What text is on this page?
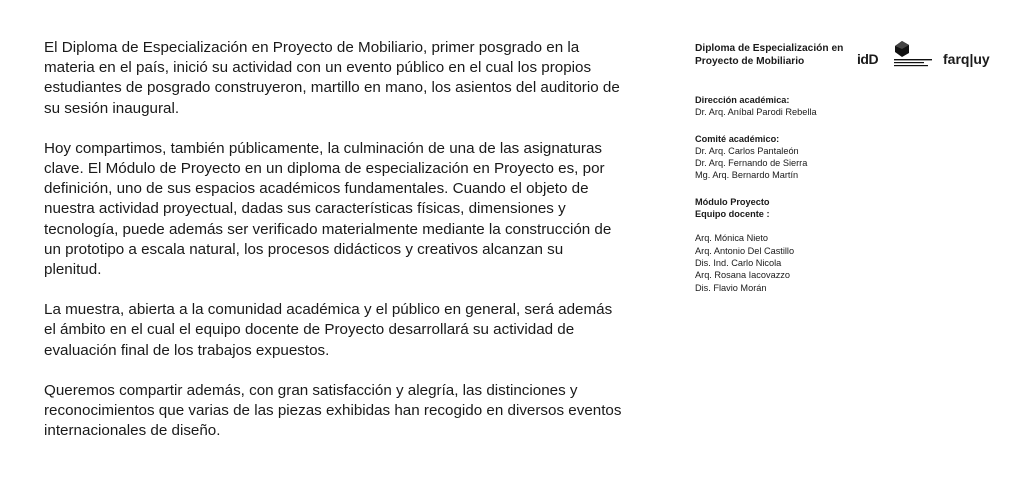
El Diploma de Especialización en Proyecto de Mobiliario, primer posgrado en la materia en el país, inició su actividad con un evento público en el cual los propios estudiantes de posgrado construyeron, martillo en mano, los asientos del auditorio de su sesión inaugural.

Hoy compartimos, también públicamente, la culminación de una de las asignaturas clave. El Módulo de Proyecto en un diploma de especialización en Proyecto es, por definición, uno de sus espacios académicos fundamentales. Cuando el objeto de nuestra actividad proyectual, dadas sus características físicas, dimensiones y tecnología, puede además ser verificado materialmente mediante la construcción de un prototipo a escala natural, los procesos didácticos y creativos alcanzan su plenitud.

La muestra, abierta a la comunidad académica y el público en general, será además el ámbito en el cual el equipo docente de Proyecto desarrollará su actividad de evaluación final de los trabajos expuestos.

Queremos compartir además, con gran satisfacción y alegría, las distinciones y reconocimientos que varias de las piezas exhibidas han recogido en diversos eventos internacionales de diseño.

idD	farq|uy
Diploma de Especialización en Proyecto de Mobiliario
Dirección académica:
Dr. Arq. Aníbal Parodi Rebella
Comité académico:
Dr. Arq. Carlos Pantaleón
Dr. Arq. Fernando de Sierra
Mg. Arq. Bernardo Martín
Módulo Proyecto
Equipo docente :
Arq. Mónica Nieto
Arq. Antonio Del Castillo
Dis. Ind. Carlo Nicola
Arq. Rosana Iacovazzo
Dis. Flavio Morán
